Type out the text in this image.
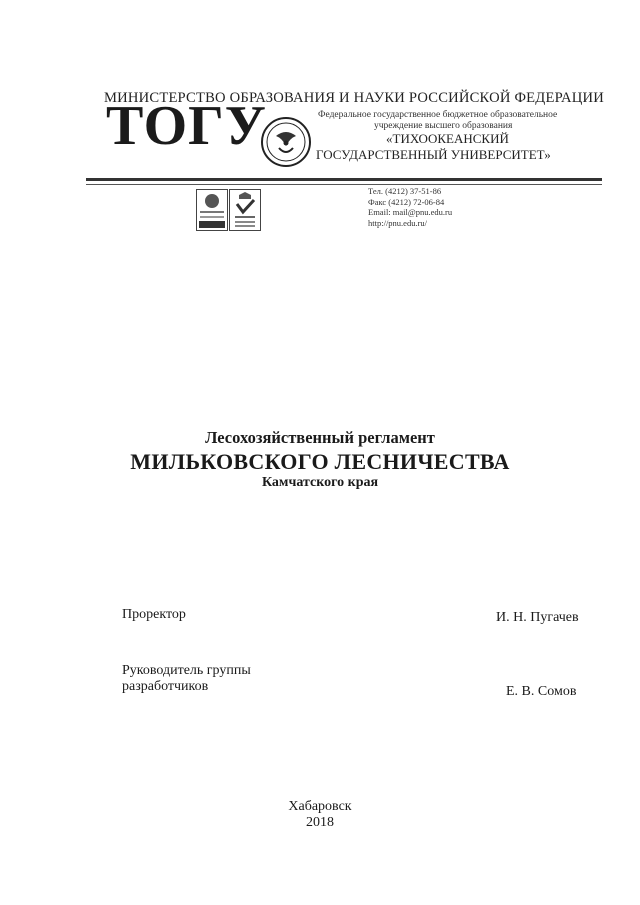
МИНИСТЕРСТВО ОБРАЗОВАНИЯ И НАУКИ РОССИЙСКОЙ ФЕДЕРАЦИИ
ТОГУ	Федеральное государственное бюджетное образовательное
учреждение высшего образования
«ТИХООКЕАНСКИЙ
ГОСУДАРСТВЕННЫЙ УНИВЕРСИТЕТ»
Тел. (4212) 37-51-86
Факс (4212) 72-06-84
Email: mail@pnu.edu.ru
http://pnu.edu.ru/
Лесохозяйственный регламент
МИЛЬКОВСКОГО ЛЕСНИЧЕСТВА
Камчатского края
Проректор	И. Н. Пугачев
Руководитель группы
разработчиков	Е. В. Сомов
Хабаровск
2018
